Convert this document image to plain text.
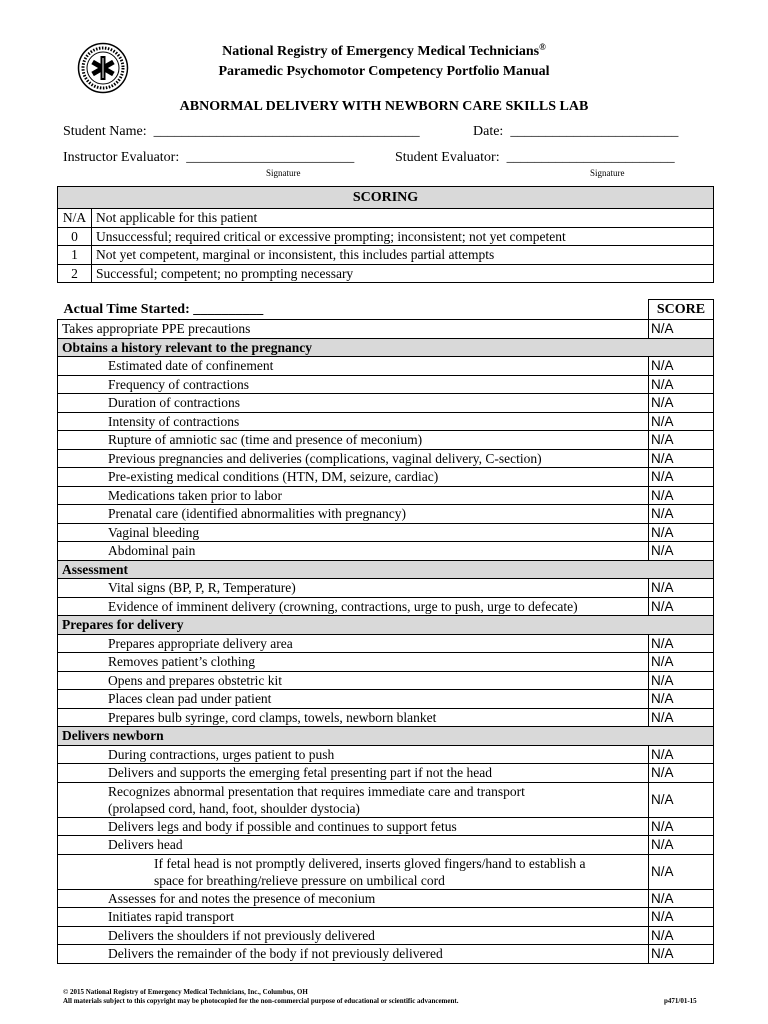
National Registry of Emergency Medical Technicians®
Paramedic Psychomotor Competency Portfolio Manual
ABNORMAL DELIVERY WITH NEWBORN CARE SKILLS LAB
Student Name:  ______________________________________	Date:  ________________________
Instructor Evaluator:  ________________________	Student Evaluator:  ________________________
Signature	Signature
SCORING	
N/A	Not applicable for this patient
0	Unsuccessful; required critical or excessive prompting; inconsistent; not yet competent
1	Not yet competent, marginal or inconsistent, this includes partial attempts
2	Successful; competent; no prompting necessary
Actual Time Started: __________	SCORE
Takes appropriate PPE precautions	N/A
Obtains a history relevant to the pregnancy	

Estimated date of confinement	N/A

Frequency of contractions	N/A

Duration of contractions	N/A

Intensity of contractions	N/A

Rupture of amniotic sac (time and presence of meconium)	N/A

Previous pregnancies and deliveries (complications, vaginal delivery, C-section)	N/A

Pre-existing medical conditions (HTN, DM, seizure, cardiac)	N/A

Medications taken prior to labor	N/A

Prenatal care (identified abnormalities with pregnancy)	N/A

Vaginal bleeding	N/A

Abdominal pain	N/A
Assessment	

Vital signs (BP, P, R, Temperature)	N/A

Evidence of imminent delivery (crowning, contractions, urge to push, urge to defecate)	N/A
Prepares for delivery	

Prepares appropriate delivery area	N/A

Removes patient’s clothing	N/A

Opens and prepares obstetric kit	N/A

Places clean pad under patient	N/A

Prepares bulb syringe, cord clamps, towels, newborn blanket	N/A
Delivers newborn	

During contractions, urges patient to push	N/A

Delivers and supports the emerging fetal presenting part if not the head	N/A

Recognizes abnormal presentation that requires immediate care and transport
(prolapsed cord, hand, foot, shoulder dystocia)	N/A

Delivers legs and body if possible and continues to support fetus	N/A

Delivers head	N/A

If fetal head is not promptly delivered, inserts gloved fingers/hand to establish a
space for breathing/relieve pressure on umbilical cord	N/A

Assesses for and notes the presence of meconium	N/A

Initiates rapid transport	N/A

Delivers the shoulders if not previously delivered	N/A

Delivers the remainder of the body if not previously delivered	N/A
© 2015 National Registry of Emergency Medical Technicians, Inc., Columbus, OH
All materials subject to this copyright may be photocopied for the non-commercial purpose of educational or scientific advancement.	p471/01-15
